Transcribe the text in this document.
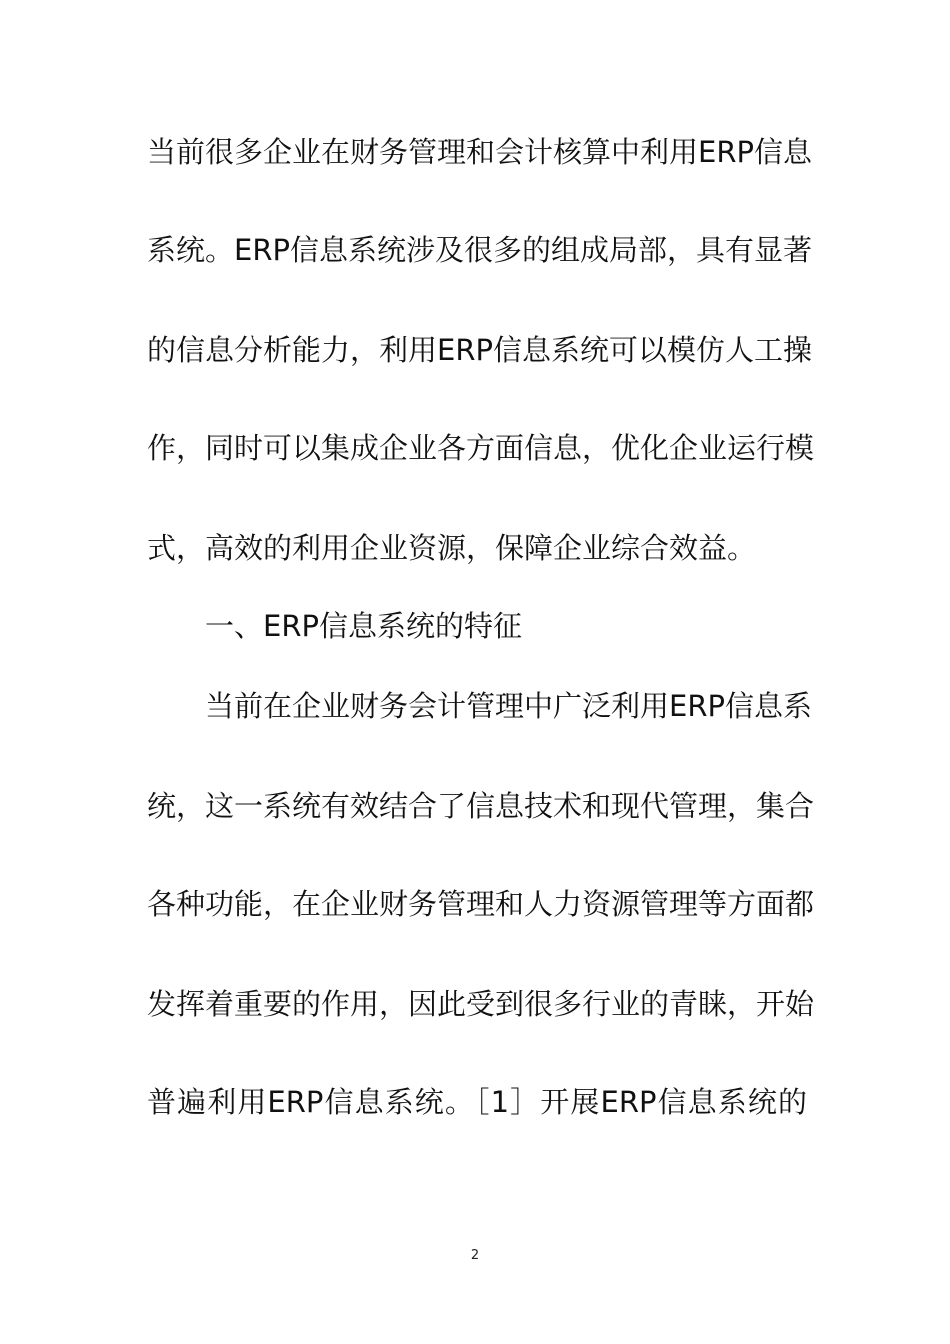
当前很多企业在财务管理和会计核算中利用ERP信息
系统。ERP信息系统涉及很多的组成局部，具有显著
的信息分析能力，利用ERP信息系统可以模仿人工操
作，同时可以集成企业各方面信息，优化企业运行模
式，高效的利用企业资源，保障企业综合效益。
一、ERP信息系统的特征
当前在企业财务会计管理中广泛利用ERP信息系
统，这一系统有效结合了信息技术和现代管理，集合
各种功能，在企业财务管理和人力资源管理等方面都
发挥着重要的作用，因此受到很多行业的青睐，开始
普遍利用ERP信息系统。［1］开展ERP信息系统的
2
